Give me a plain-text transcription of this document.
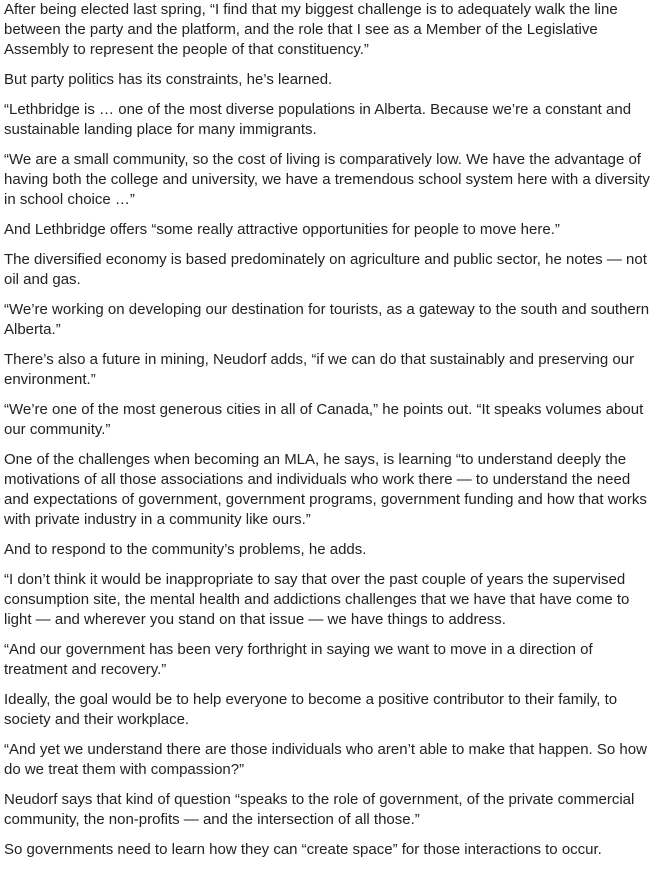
After being elected last spring, “I find that my biggest challenge is to adequately walk the line between the party and the platform, and the role that I see as a Member of the Legislative Assembly to represent the people of that constituency.”

But party politics has its constraints, he’s learned.

“Lethbridge is … one of the most diverse populations in Alberta. Because we’re a constant and sustainable landing place for many immigrants.

“We are a small community, so the cost of living is comparatively low. We have the advantage of having both the college and university, we have a tremendous school system here with a diversity in school choice …”

And Lethbridge offers “some really attractive opportunities for people to move here.”

The diversified economy is based predominately on agriculture and public sector, he notes — not oil and gas.

“We’re working on developing our destination for tourists, as a gateway to the south and southern Alberta.”

There’s also a future in mining, Neudorf adds, “if we can do that sustainably and preserving our environment.”

“We’re one of the most generous cities in all of Canada,” he points out. “It speaks volumes about our community.”

One of the challenges when becoming an MLA, he says, is learning “to understand deeply the motivations of all those associations and individuals who work there — to understand the need and expectations of government, government programs, government funding and how that works with private industry in a community like ours.”

And to respond to the community’s problems, he adds.

“I don’t think it would be inappropriate to say that over the past couple of years the supervised consumption site, the mental health and addictions challenges that we have that have come to light — and wherever you stand on that issue — we have things to address.

“And our government has been very forthright in saying we want to move in a direction of treatment and recovery.”

Ideally, the goal would be to help everyone to become a positive contributor to their family, to society and their workplace.

“And yet we understand there are those individuals who aren’t able to make that happen. So how do we treat them with compassion?”

Neudorf says that kind of question “speaks to the role of government, of the private commercial community, the non-profits — and the intersection of all those.”

So governments need to learn how they can “create space” for those interactions to occur.
